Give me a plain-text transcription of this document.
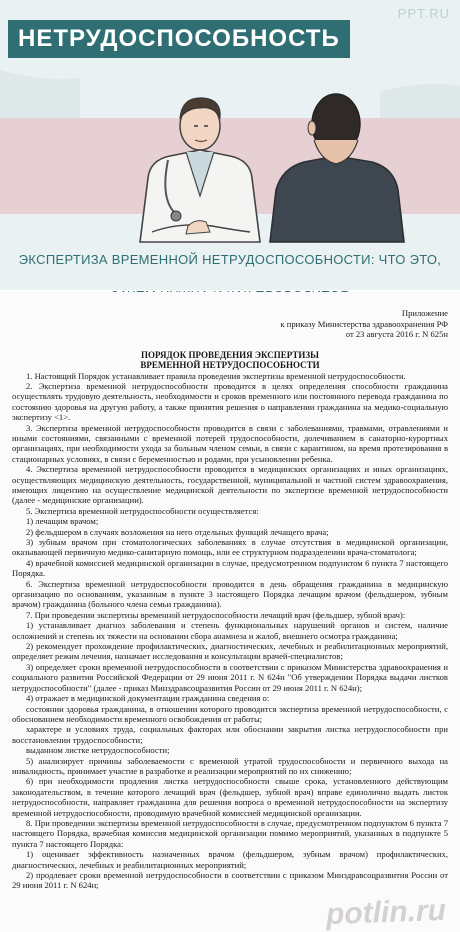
НЕТРУДОСПОСОБНОСТЬ
PPT.RU
ЭКСПЕРТИЗА ВРЕМЕННОЙ НЕТРУДОСПОСОБНОСТИ: ЧТО ЭТО,
Приложение
к приказу Министерства здравоохранения РФ
от 23 августа 2016 г. N 625н
ПОРЯДОК ПРОВЕДЕНИЯ ЭКСПЕРТИЗЫ
ВРЕМЕННОЙ НЕТРУДОСПОСОБНОСТИ

1. Настоящий Порядок устанавливает правила проведения экспертизы временной нетрудоспособности.

2. Экспертиза временной нетрудоспособности проводится в целях определения способности гражданина осуществлять трудовую деятельность, необходимости и сроков временного или постоянного перевода гражданина по состоянию здоровья на другую работу, а также принятия решения о направлении гражданина на медико-социальную экспертизу <1>.

3. Экспертиза временной нетрудоспособности проводится в связи с заболеваниями, травмами, отравлениями и иными состояниями, связанными с временной потерей трудоспособности, долечиванием в санаторно-курортных организациях, при необходимости ухода за больным членом семьи, в связи с карантином, на время протезирования в стационарных условиях, в связи с беременностью и родами, при усыновлении ребенка.

4. Экспертиза временной нетрудоспособности проводится в медицинских организациях и иных организациях, осуществляющих медицинскую деятельность, государственной, муниципальной и частной систем здравоохранения, имеющих лицензию на осуществление медицинской деятельности по экспертизе временной нетрудоспособности (далее - медицинские организации).

5. Экспертиза временной нетрудоспособности осуществляется:

1) лечащим врачом;

2) фельдшером в случаях возложения на него отдельных функций лечащего врача;

3) зубным врачом при стоматологических заболеваниях в случае отсутствия в медицинской организации, оказывающей первичную медико-санитарную помощь, или ее структурном подразделении врача-стоматолога;

4) врачебной комиссией медицинской организации в случае, предусмотренном подпунктом 6 пункта 7 настоящего Порядка.

6. Экспертиза временной нетрудоспособности проводится в день обращения гражданина в медицинскую организацию по основаниям, указанным в пункте 3 настоящего Порядка лечащим врачом (фельдшером, зубным врачом) гражданина (больного члена семьи гражданина).

7. При проведении экспертизы временной нетрудоспособности лечащий врач (фельдшер, зубной врач):

1) устанавливает диагноз заболевания и степень функциональных нарушений органов и систем, наличие осложнений и степень их тяжести на основании сбора анамнеза и жалоб, внешнего осмотра гражданина;

2) рекомендует прохождение профилактических, диагностических, лечебных и реабилитационных мероприятий, определяет режим лечения, назначает исследования и консультации врачей-специалистов;

3) определяет сроки временной нетрудоспособности в соответствии с приказом Министерства здравоохранения и социального развития Российской Федерации от 29 июня 2011 г. N 624н "Об утверждении Порядка выдачи листков нетрудоспособности" (далее - приказ Минздравсоцразвития России от 29 июня 2011 г. N 624н);

4) отражает в медицинской документации гражданина сведения о:

состоянии здоровья гражданина, в отношении которого проводится экспертиза временной нетрудоспособности, с обоснованием необходимости временного освобождения от работы;

характере и условиях труда, социальных факторах или обоснании закрытия листка нетрудоспособности при восстановлении трудоспособности;

выданном листке нетрудоспособности;

5) анализирует причины заболеваемости с временной утратой трудоспособности и первичного выхода на инвалидность, принимает участие в разработке и реализации мероприятий по их снижению;

6) при необходимости продления листка нетрудоспособности свыше срока, установленного действующим законодательством, в течение которого лечащий врач (фельдшер, зубной врач) вправе единолично выдать листок нетрудоспособности, направляет гражданина для решения вопроса о временной нетрудоспособности на экспертизу временной нетрудоспособности, проводимую врачебной комиссией медицинской организации.

8. При проведении экспертизы временной нетрудоспособности в случае, предусмотренном подпунктом 6 пункта 7 настоящего Порядка, врачебная комиссия медицинской организации помимо мероприятий, указанных в подпункте 5 пункта 7 настоящего Порядка:

1) оценивает эффективность назначенных врачом (фельдшером, зубным врачом) профилактических, диагностических, лечебных и реабилитационных мероприятий;

2) продлевает сроки временной нетрудоспособности в соответствии с приказом Минздравсоцразвития России от 29 июня 2011 г. N 624н;

potlin.ru
